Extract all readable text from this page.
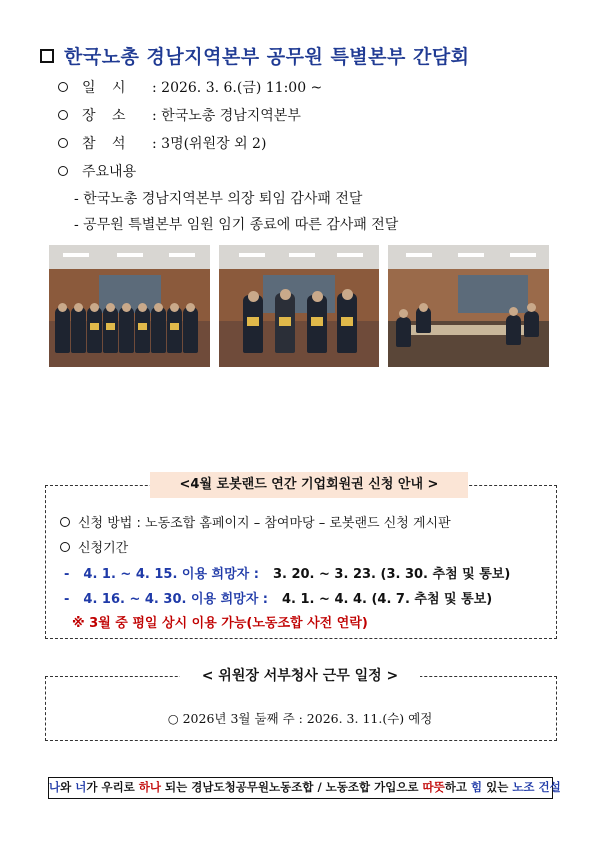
한국노총 경남지역본부 공무원 특별본부 간담회
일 시	: 2026. 3. 6.(금) 11:00 ~
장 소	: 한국노총 경남지역본부
참 석	: 3명(위원장 외 2)
주요내용
- 한국노총 경남지역본부 의장 퇴임 감사패 전달
- 공무원 특별본부 임원 임기 종료에 따른 감사패 전달
<4월 로봇랜드 연간 기업회원권 신청 안내 >
신청 방법 : 노동조합 홈페이지 – 참여마당 – 로봇랜드 신청 게시판
신청기간
- 4. 1. ~ 4. 15. 이용 희망자 : 3. 20. ~ 3. 23. (3. 30. 추첨 및 통보)
- 4. 16. ~ 4. 30. 이용 희망자 : 4. 1. ~ 4. 4. (4. 7. 추첨 및 통보)
※ 3월 중 평일 상시 이용 가능(노동조합 사전 연락)
< 위원장 서부청사 근무 일정 >
○ 2026년 3월 둘째 주 : 2026. 3. 11.(수) 예정
나와 너가 우리로 하나 되는 경남도청공무원노동조합 / 노동조합 가입으로 따뜻하고 힘 있는 노조 건설
